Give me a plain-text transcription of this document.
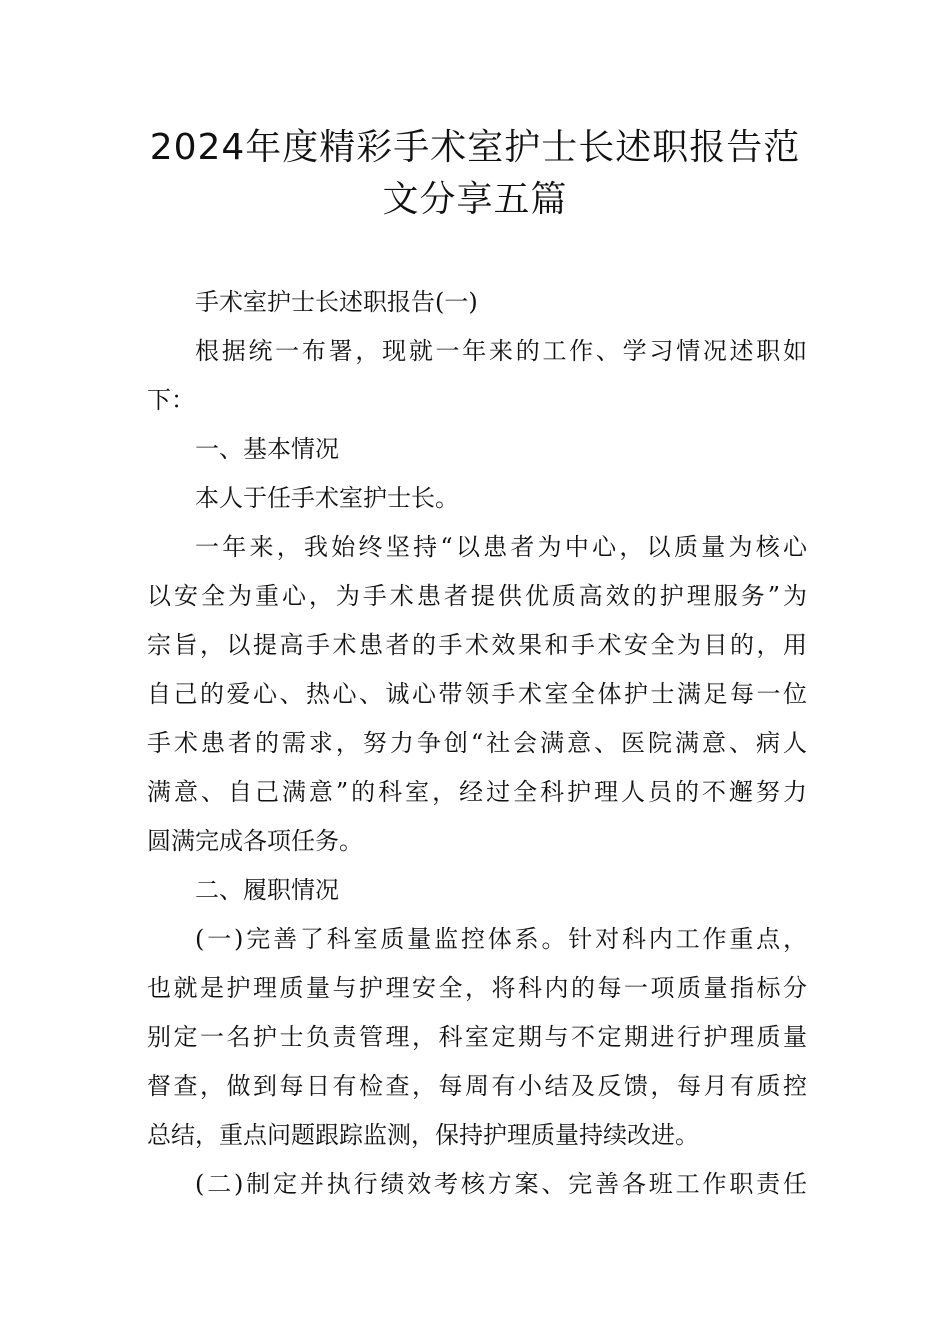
2024年度精彩手术室护士长述职报告范
文分享五篇

手术室护士长述职报告(一)

根据统一布署，现就一年来的工作、学习情况述职如
下：

一、基本情况

本人于任手术室护士长。

一年来，我始终坚持“以患者为中心，以质量为核心
以安全为重心，为手术患者提供优质高效的护理服务”为
宗旨，以提高手术患者的手术效果和手术安全为目的，用
自己的爱心、热心、诚心带领手术室全体护士满足每一位
手术患者的需求，努力争创“社会满意、医院满意、病人
满意、自己满意”的科室，经过全科护理人员的不邂努力
圆满完成各项任务。

二、履职情况

(一)完善了科室质量监控体系。针对科内工作重点，
也就是护理质量与护理安全，将科内的每一项质量指标分
别定一名护士负责管理，科室定期与不定期进行护理质量
督查，做到每日有检查，每周有小结及反馈，每月有质控
总结，重点问题跟踪监测，保持护理质量持续改进。

(二)制定并执行绩效考核方案、完善各班工作职责任
